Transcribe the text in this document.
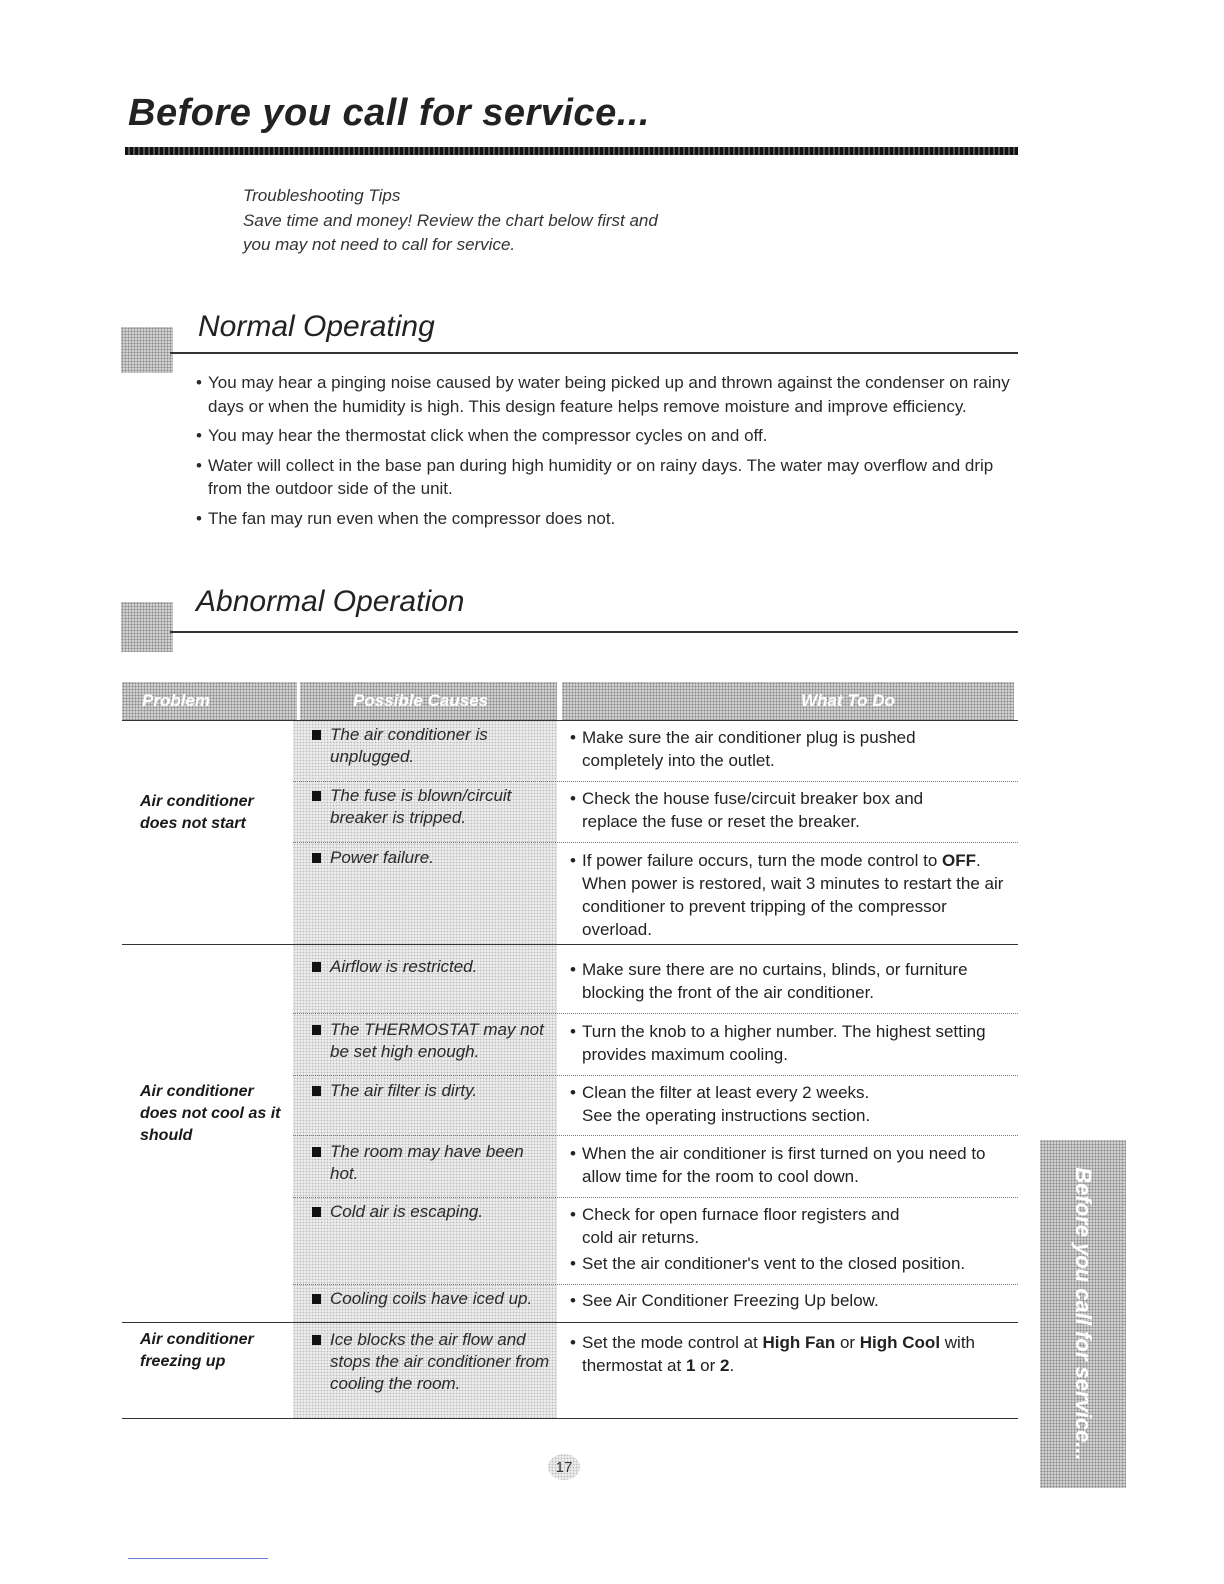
Before you call for service...
Troubleshooting Tips
Save time and money! Review the chart below first and
you may not need to call for service.
Normal Operating
• You may hear a pinging noise caused by water being picked up and thrown against the condenser on rainy days or when the humidity is high. This design feature helps remove moisture and improve efficiency.
• You may hear the thermostat click when the compressor cycles on and off.
• Water will collect in the base pan during high humidity or on rainy days. The water may overflow and drip from the outdoor side of the unit.
• The fan may run even when the compressor does not.
Abnormal Operation
Problem	Possible Causes	What To Do
Air conditioner does not start
Air conditioner does not cool as it should
Air conditioner freezing up
The air conditioner is unplugged.
The fuse is blown/circuit breaker is tripped.
Power failure.
Airflow is restricted.
The THERMOSTAT may not be set high enough.
The air filter is dirty.
The room may have been hot.
Cold air is escaping.
Cooling coils have iced up.
Ice blocks the air flow and stops the air conditioner from cooling the room.
• Make sure the air conditioner plug is pushed completely into the outlet.
• Check the house fuse/circuit breaker box and replace the fuse or reset the breaker.
• If power failure occurs, turn the mode control to OFF. When power is restored, wait 3 minutes to restart the air conditioner to prevent tripping of the compressor overload.
• Make sure there are no curtains, blinds, or furniture blocking the front of the air conditioner.
• Turn the knob to a higher number. The highest setting provides maximum cooling.
• Clean the filter at least every 2 weeks. See the operating instructions section.
• When the air conditioner is first turned on you need to allow time for the room to cool down.
• Check for open furnace floor registers and cold air returns.
• Set the air conditioner's vent to the closed position.
• See Air Conditioner Freezing Up below.
• Set the mode control at High Fan or High Cool with thermostat at 1 or 2.
17
Before you call for service...
